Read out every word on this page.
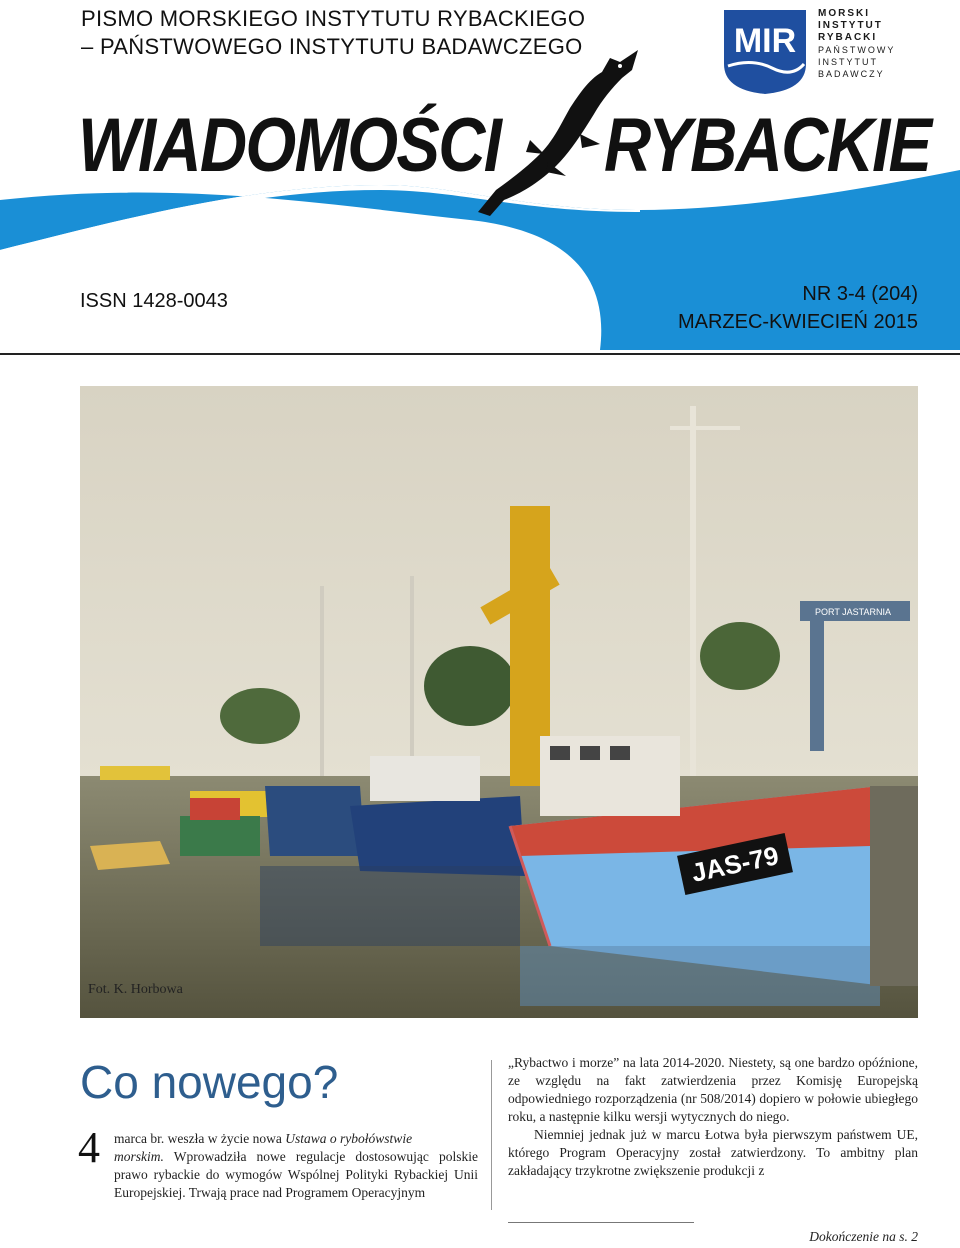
PISMO MORSKIEGO INSTYTUTU RYBACKIEGO
– PAŃSTWOWEGO INSTYTUTU BADAWCZEGO	MIR
MORSKI
INSTYTUT
RYBACKI
PAŃSTWOWY
INSTYTUT
BADAWCZY
WIADOMOŚCI RYBACKIE
ISSN 1428-0043	NR 3-4 (204)
MARZEC-KWIECIEŃ 2015
PORT JASTARNIA
JAS-79
Fot. K. Horbowa
Co nowego?
4	marca br. weszła w życie nowa Ustawa o rybołówstwie

morskim. Wprowadziła nowe regulacje dostosowując polskie prawo rybackie do wymogów Wspólnej Polityki Rybackiej Unii Europejskiej. Trwają prace nad Programem Operacyjnym

„Rybactwo i morze” na lata 2014-2020. Niestety, są one bardzo opóźnione, ze względu na fakt zatwierdzenia przez Komisję Europejską odpowiedniego rozporządzenia (nr 508/2014) dopiero w połowie ubiegłego roku, a następnie kilku wersji wytycznych do niego.

Niemniej jednak już w marcu Łotwa była pierwszym państwem UE, którego Program Operacyjny został zatwierdzony. To ambitny plan zakładający trzykrotne zwiększenie produkcji z

Dokończenie na s. 2
